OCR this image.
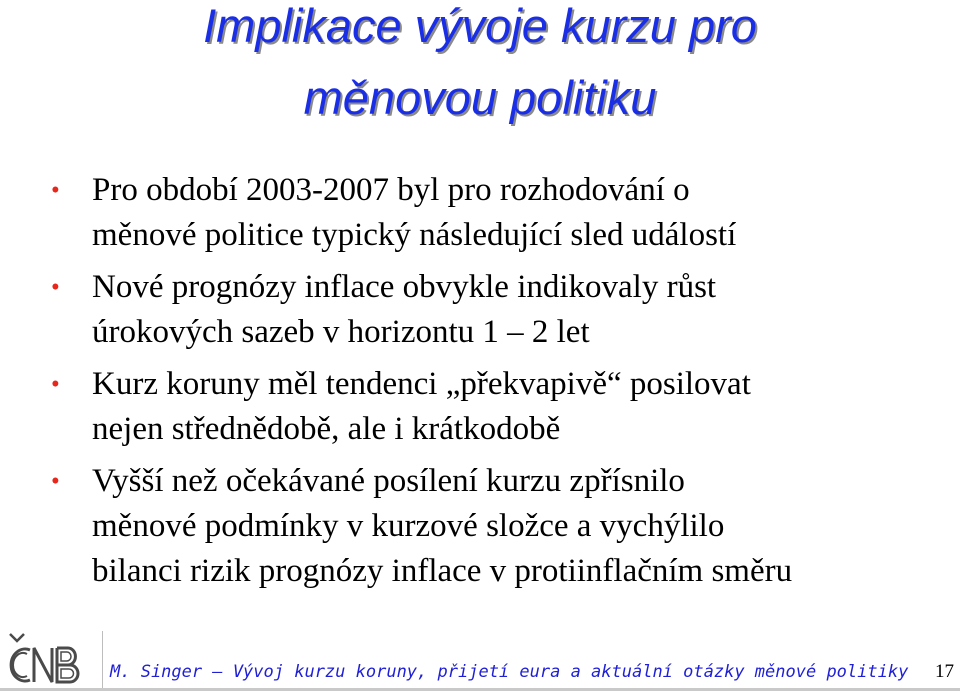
Implikace vývoje kurzu pro
měnovou politiku
• Pro období 2003-2007 byl pro rozhodování o
měnové politice typický následující sled událostí
• Nové prognózy inflace obvykle indikovaly růst
úrokových sazeb v horizontu 1 – 2 let
• Kurz koruny měl tendenci „překvapivě“ posilovat
nejen střednědobě, ale i krátkodobě
• Vyšší než očekávané posílení kurzu zpřísnilo
měnové podmínky v kurzové složce a vychýlilo
bilanci rizik prognózy inflace v protiinflačním směru
M. Singer – Vývoj kurzu koruny, přijetí eura a aktuální otázky měnové politiky 17
